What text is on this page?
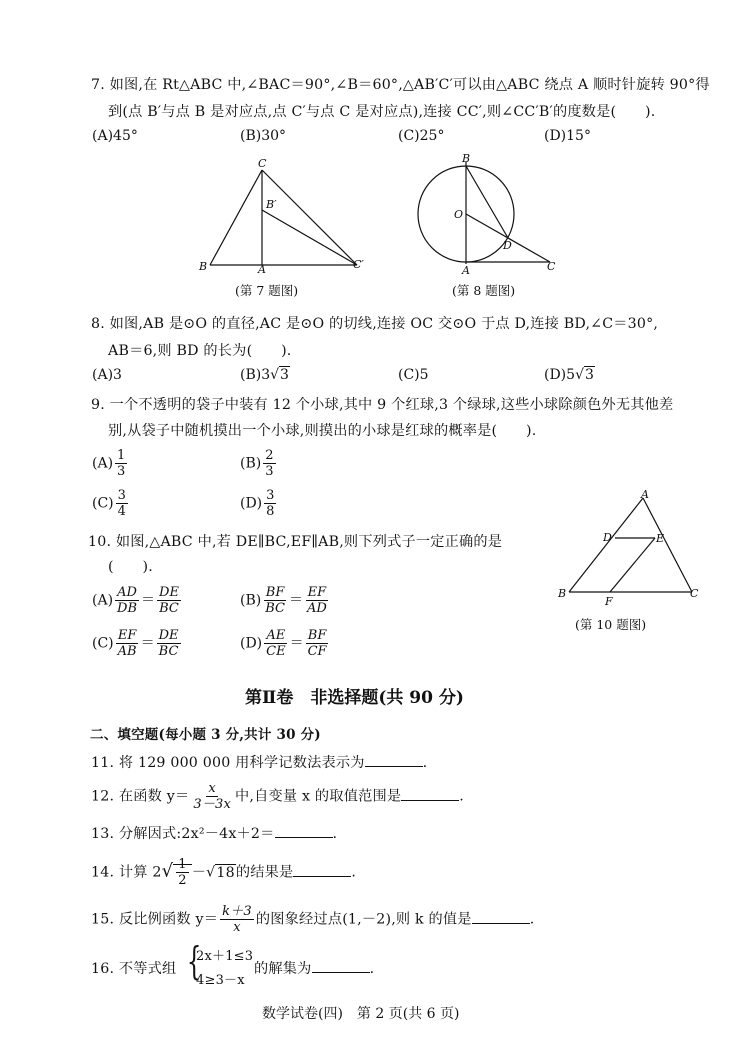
7. 如图,在 Rt△ABC 中,∠BAC＝90°,∠B＝60°,△AB′C′可以由△ABC 绕点 A 顺时针旋转 90°得
到(点 B′与点 B 是对应点,点 C′与点 C 是对应点),连接 CC′,则∠CC′B′的度数是(　　).
(A)45°	(B)30°	(C)25°	(D)15°
C
B′
B	A	C′
(第 7 题图)
B
O
D
A	C
(第 8 题图)
8. 如图,AB 是⊙O 的直径,AC 是⊙O 的切线,连接 OC 交⊙O 于点 D,连接 BD,∠C＝30°,
AB＝6,则 BD 的长为(　　).
(A)3	(B)3√3	(C)5	(D)5√3
9. 一个不透明的袋子中装有 12 个小球,其中 9 个红球,3 个绿球,这些小球除颜色外无其他差
别,从袋子中随机摸出一个小球,则摸出的小球是红球的概率是(　　).
$(A) \frac{1}{3}$	$(B) \frac{2}{3}$
$(C) \frac{3}{4}$	$(D) \frac{3}{8}$	A
D	E
B
F
C
(第 10 题图)
10. 如图,△ABC 中,若 DE∥BC,EF∥AB,则下列式子一定正确的是
(　　).
$(A) \frac{AD}{DB} = \frac{DE}{BC}$	$(B) \frac{BF}{BC} = \frac{EF}{AD}$
$(C) \frac{EF}{AB} = \frac{DE}{BC}$	$(D) \frac{AE}{CE} = \frac{BF}{CF}$
第Ⅱ卷　非选择题(共 90 分)
二、填空题(每小题 3 分,共计 30 分)
11. 将 129 000 000 用科学记数法表示为	.
12. 在函数 $y= \frac{x}{3-3x}$ 中,自变量 x 的取值范围是	.
13. 分解因式:2x²－4x＋2＝	.
14. 计算 $2√ \frac{1}{2} -√18$的结果是	.
15. 反比例函数 $y= \frac{k+3}{x}$ 的图象经过点(1,－2),则 k 的值是	.
16. 不等式组 {
2x＋1≤3
4≥3－x
的解集为	.
数学试卷(四)　第 2 页(共 6 页)
